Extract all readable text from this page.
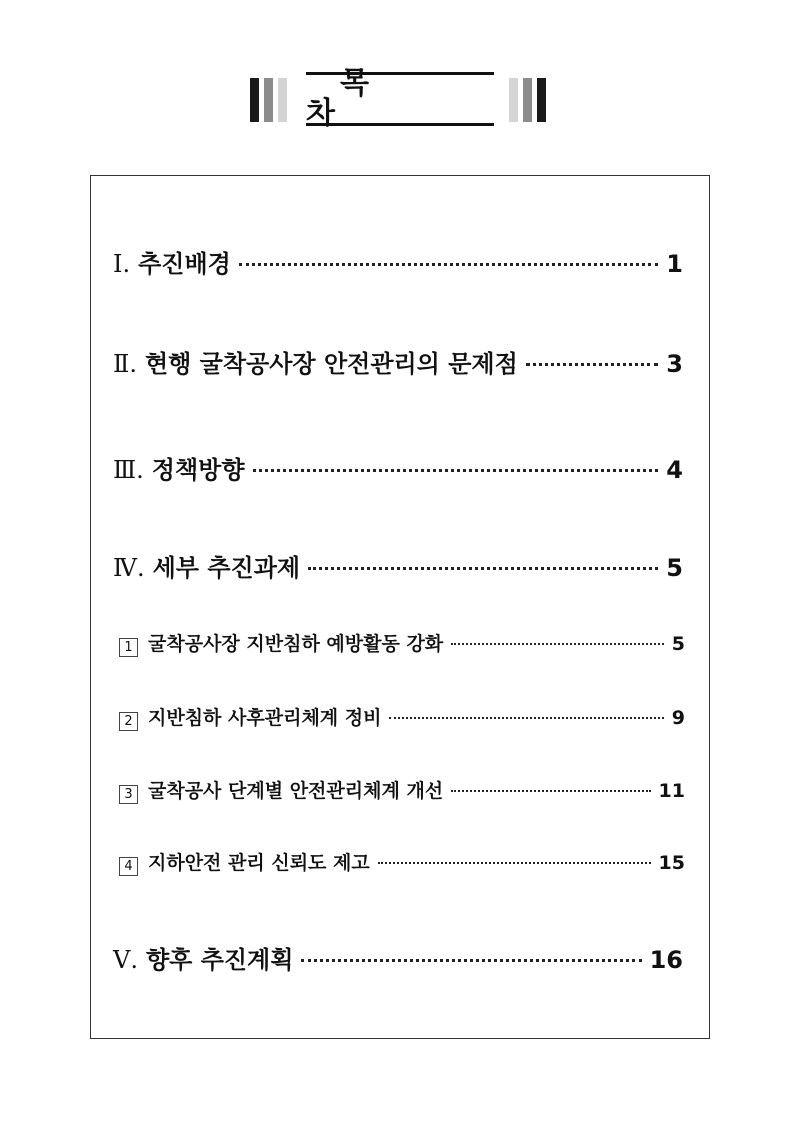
목 차
Ⅰ. 추진배경	1
Ⅱ. 현행 굴착공사장 안전관리의 문제점	3
Ⅲ. 정책방향	4
Ⅳ. 세부 추진과제	5
1 굴착공사장 지반침하 예방활동 강화	5
2 지반침하 사후관리체계 정비	9
3 굴착공사 단계별 안전관리체계 개선	11
4 지하안전 관리 신뢰도 제고	15
Ⅴ. 향후 추진계획	16
